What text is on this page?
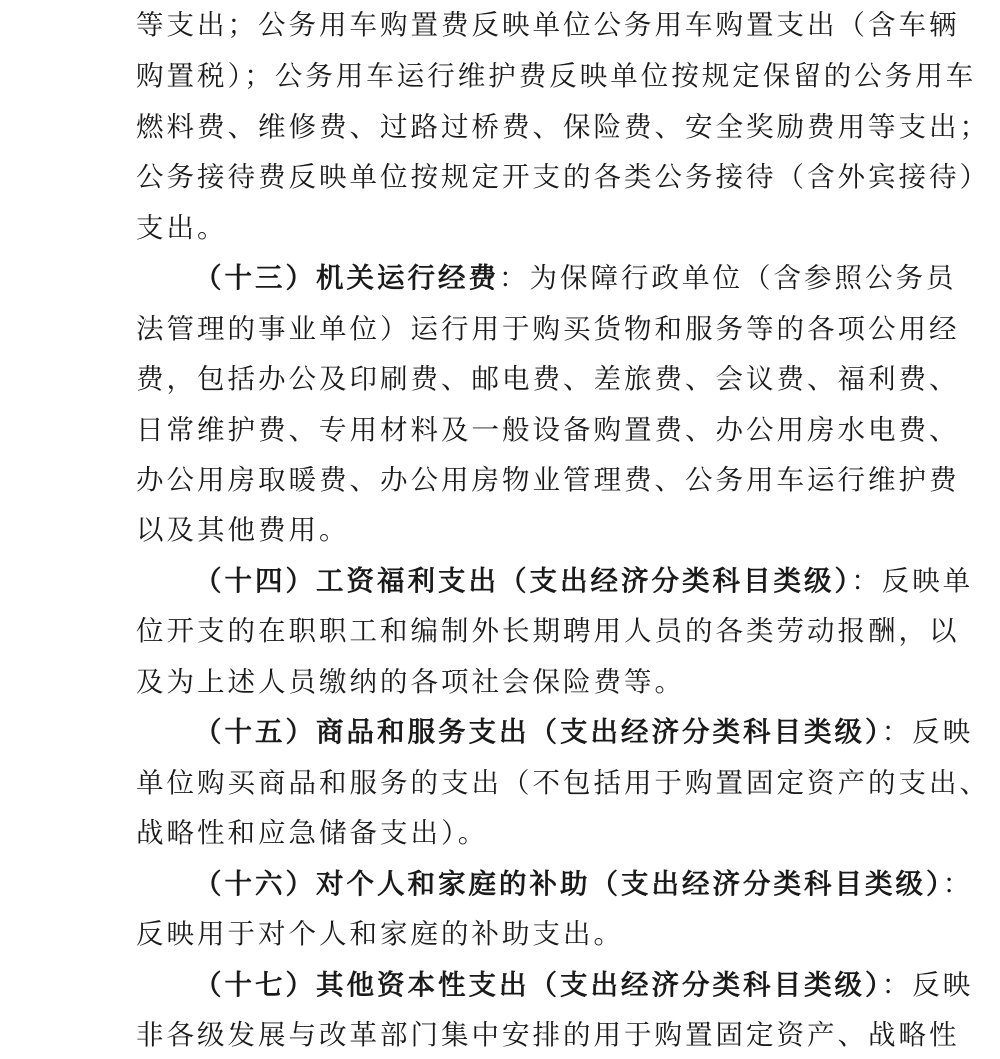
等支出；公务用车购置费反映单位公务用车购置支出（含车辆
购置税）；公务用车运行维护费反映单位按规定保留的公务用车
燃料费、维修费、过路过桥费、保险费、安全奖励费用等支出；
公务接待费反映单位按规定开支的各类公务接待（含外宾接待）
支出。
（十三）机关运行经费：为保障行政单位（含参照公务员
法管理的事业单位）运行用于购买货物和服务等的各项公用经
费，包括办公及印刷费、邮电费、差旅费、会议费、福利费、
日常维护费、专用材料及一般设备购置费、办公用房水电费、
办公用房取暖费、办公用房物业管理费、公务用车运行维护费
以及其他费用。
（十四）工资福利支出（支出经济分类科目类级）：反映单
位开支的在职职工和编制外长期聘用人员的各类劳动报酬，以
及为上述人员缴纳的各项社会保险费等。
（十五）商品和服务支出（支出经济分类科目类级）：反映
单位购买商品和服务的支出（不包括用于购置固定资产的支出、
战略性和应急储备支出）。
（十六）对个人和家庭的补助（支出经济分类科目类级）：
反映用于对个人和家庭的补助支出。
（十七）其他资本性支出（支出经济分类科目类级）：反映
非各级发展与改革部门集中安排的用于购置固定资产、战略性
